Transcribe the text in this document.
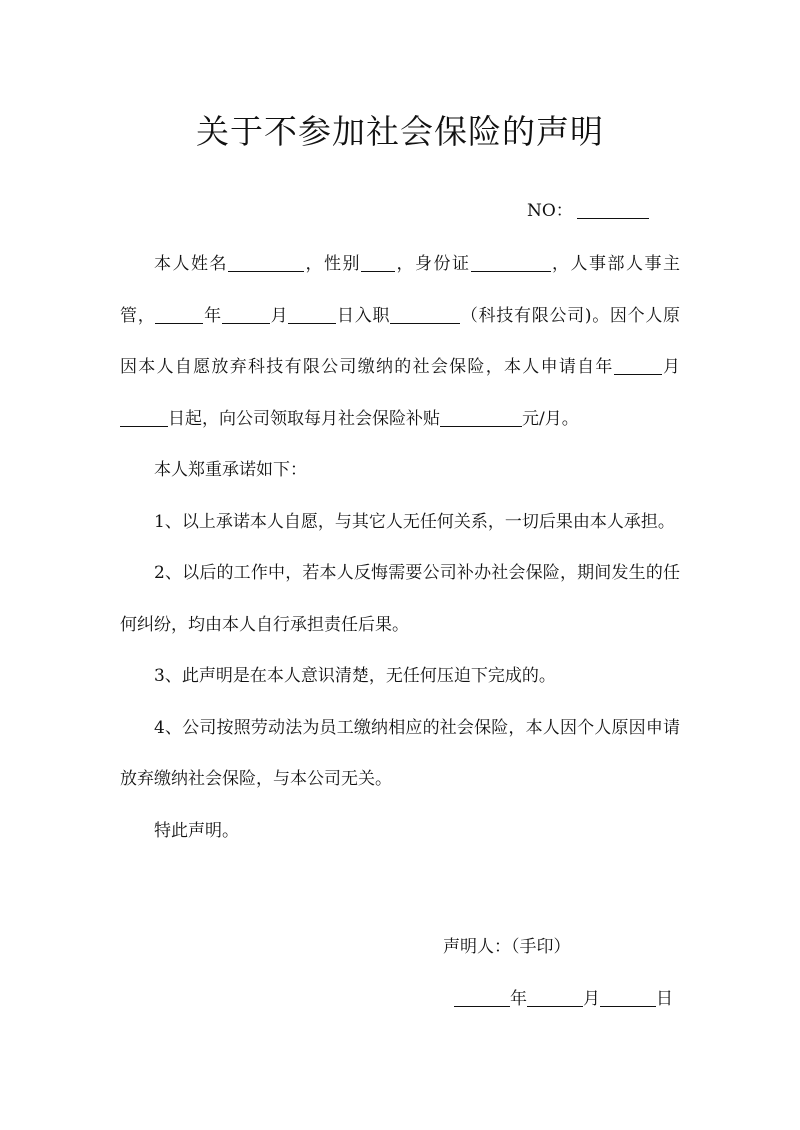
关于不参加社会保险的声明
NO：

本人姓名	，性别 ，身份证	，人事部人事主管，	年	月	日入职	（科技有限公司)。因个人原因本人自愿放弃科技有限公司缴纳的社会保险，本人申请自年	月日起，向公司领取每月社会保险补贴	元/月。

本人郑重承诺如下：

1、以上承诺本人自愿，与其它人无任何关系，一切后果由本人承担。

2、以后的工作中，若本人反悔需要公司补办社会保险，期间发生的任何纠纷，均由本人自行承担责任后果。

3、此声明是在本人意识清楚，无任何压迫下完成的。

4、公司按照劳动法为员工缴纳相应的社会保险，本人因个人原因申请放弃缴纳社会保险，与本公司无关。

特此声明。

声明人：（手印）
年	月	日
